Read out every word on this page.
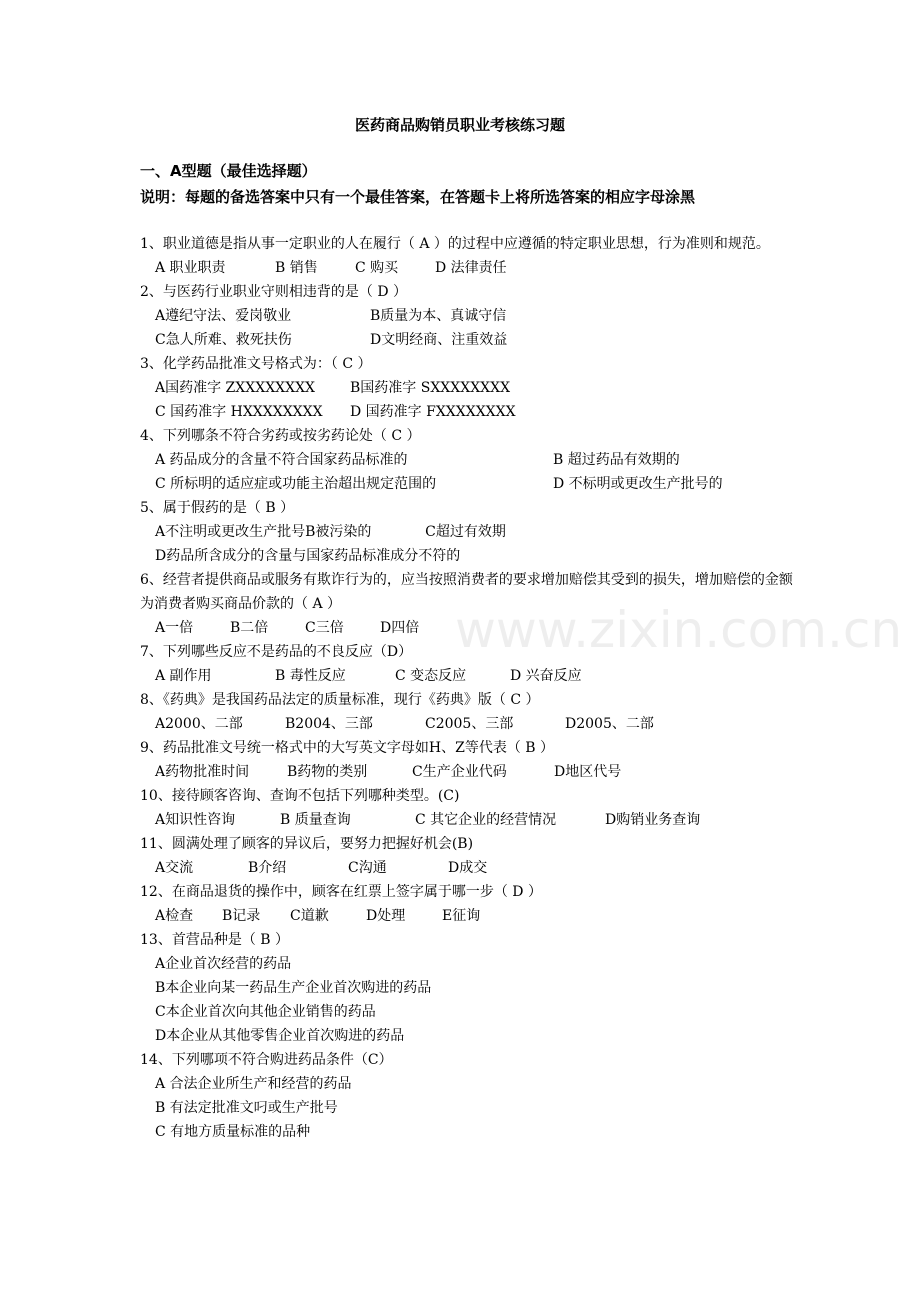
医药商品购销员职业考核练习题
一、A型题（最佳选择题）
说明：每题的备选答案中只有一个最佳答案，在答题卡上将所选答案的相应字母涂黑
1、职业道德是指从事一定职业的人在履行（ A ）的过程中应遵循的特定职业思想，行为准则和规范。
A 职业职责	B 销售	C 购买	D 法律责任
2、与医药行业职业守则相违背的是（ D ）
A遵纪守法、爱岗敬业	B质量为本、真诚守信
C急人所难、救死扶伤	D文明经商、注重效益
3、化学药品批准文号格式为：（ C ）
A国药准字 ZXXXXXXXX B国药准字 SXXXXXXXX
C 国药准字 HXXXXXXXX D 国药准字 FXXXXXXXX
4、下列哪条不符合劣药或按劣药论处（ C ）
A 药品成分的含量不符合国家药品标准的	B 超过药品有效期的
C 所标明的适应症或功能主治超出规定范围的	D 不标明或更改生产批号的
5、属于假药的是（ B ）
A不注明或更改生产批号B被污染的	C超过有效期
D药品所含成分的含量与国家药品标准成分不符的
6、经营者提供商品或服务有欺诈行为的，应当按照消费者的要求增加赔偿其受到的损失，增加赔偿的金额为消费者购买商品价款的（ A ）
A一倍	B二倍	C三倍	D四倍
7、下列哪些反应不是药品的不良反应（D）
A 副作用	B 毒性反应	C 变态反应	D 兴奋反应
8、《药典》是我国药品法定的质量标准，现行《药典》版（ C ）
A2000、二部	B2004、三部	C2005、三部	D2005、二部
9、药品批准文号统一格式中的大写英文字母如H、Z等代表（ B ）
A药物批准时间	B药物的类别	C生产企业代码	D地区代号
10、接待顾客咨询、查询不包括下列哪种类型。(C)
A知识性咨询	B 质量查询	C 其它企业的经营情况	D购销业务查询
11、圆满处理了顾客的异议后，要努力把握好机会(B)
A交流	B介绍	C沟通	D成交
12、在商品退货的操作中，顾客在红票上签字属于哪一步（ D ）
A检查 B记录 C道歉	D处理	E征询
13、首营品种是（ B ）
A企业首次经营的药品
B本企业向某一药品生产企业首次购进的药品
C本企业首次向其他企业销售的药品
D本企业从其他零售企业首次购进的药品
14、下列哪项不符合购进药品条件（C）
A 合法企业所生产和经营的药品
B 有法定批准文叼或生产批号
C 有地方质量标准的品种
www.zixin.com.cn
